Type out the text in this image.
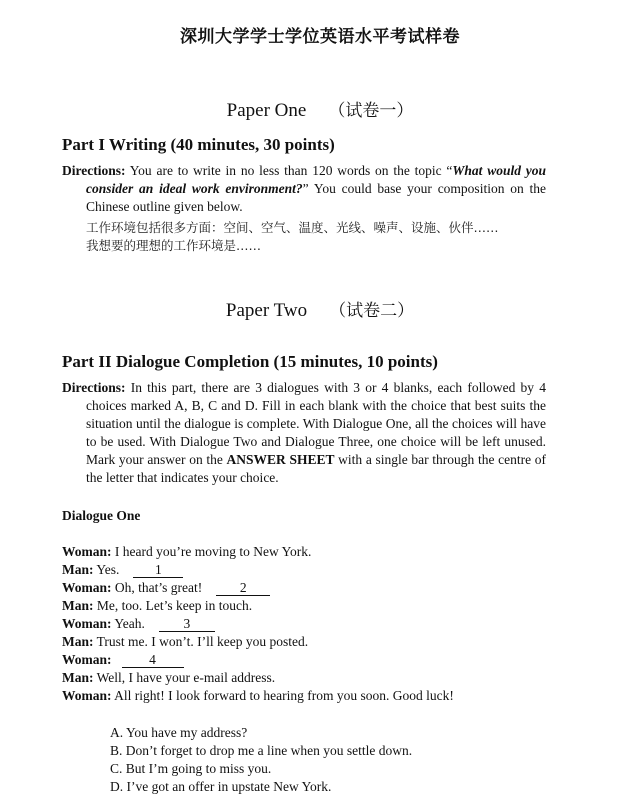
深圳大学学士学位英语水平考试样卷
Paper One （试卷一）
Part I Writing (40 minutes, 30 points)

Directions: You are to write in no less than 120 words on the topic “What would you consider an ideal work environment?” You could base your composition on the Chinese outline given below.

工作环境包括很多方面：空间、空气、温度、光线、噪声、设施、伙伴……
我想要的理想的工作环境是……
Paper Two （试卷二）
Part II Dialogue Completion (15 minutes, 10 points)

Directions: In this part, there are 3 dialogues with 3 or 4 blanks, each followed by 4 choices marked A, B, C and D. Fill in each blank with the choice that best suits the situation until the dialogue is complete. With Dialogue One, all the choices will have to be used. With Dialogue Two and Dialogue Three, one choice will be left unused. Mark your answer on the ANSWER SHEET with a single bar through the centre of the letter that indicates your choice.

Dialogue One
Woman: I heard you’re moving to New York.
Man: Yes.	1
Woman: Oh, that’s great!	2
Man: Me, too. Let’s keep in touch.
Woman: Yeah.	3
Man: Trust me. I won’t. I’ll keep you posted.
Woman:	4
Man: Well, I have your e-mail address.
Woman: All right! I look forward to hearing from you soon. Good luck!
A. You have my address?
B. Don’t forget to drop me a line when you settle down.
C. But I’m going to miss you.
D. I’ve got an offer in upstate New York.
